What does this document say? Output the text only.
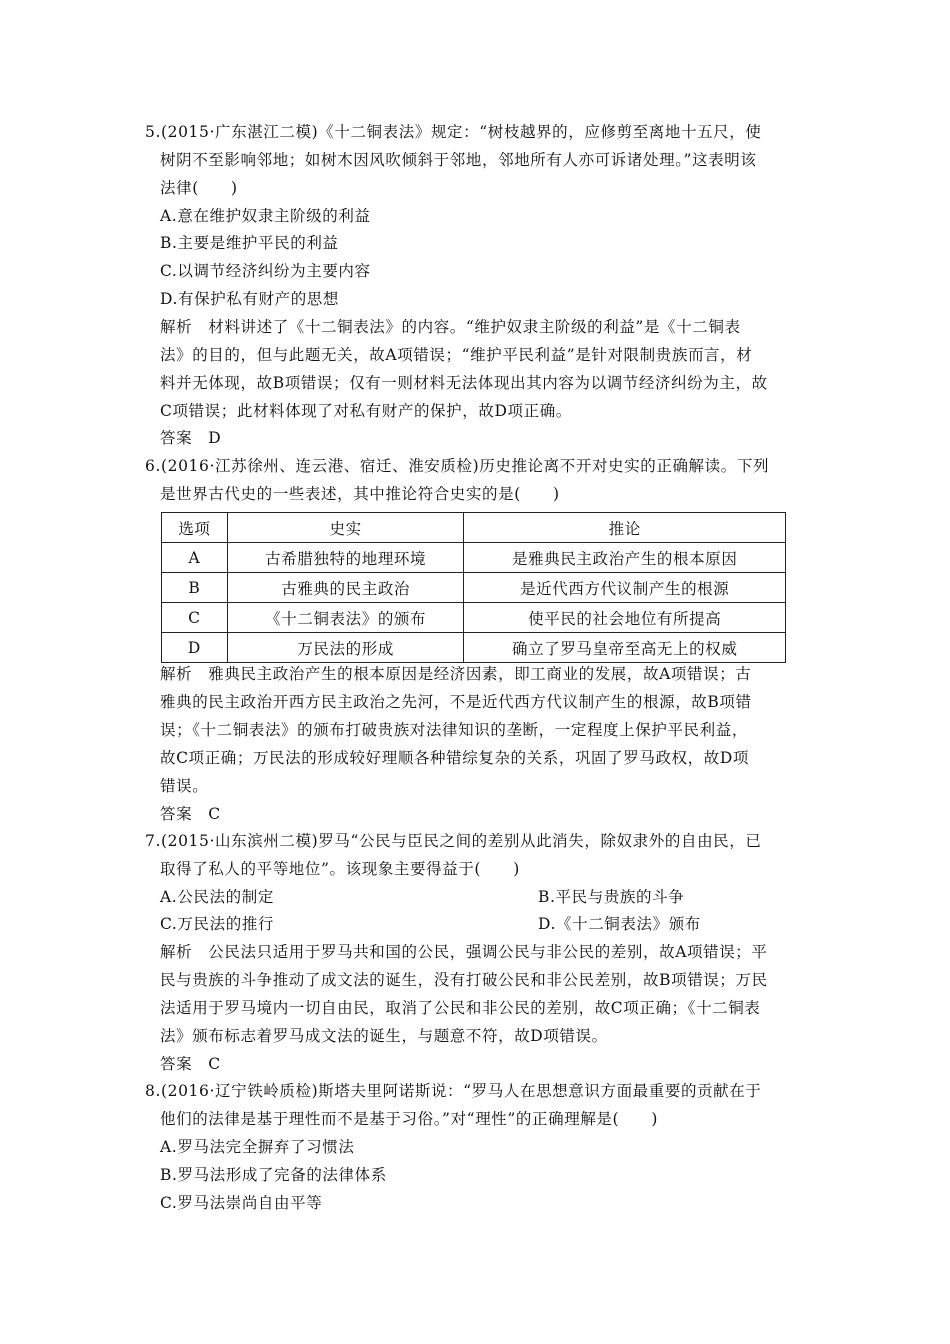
5.(2015·广东湛江二模)《十二铜表法》规定：“树枝越界的，应修剪至离地十五尺，使
树阴不至影响邻地；如树木因风吹倾斜于邻地，邻地所有人亦可诉诸处理。”这表明该
法律(　　)
A.意在维护奴隶主阶级的利益
B.主要是维护平民的利益
C.以调节经济纠纷为主要内容
D.有保护私有财产的思想
解析　材料讲述了《十二铜表法》的内容。“维护奴隶主阶级的利益”是《十二铜表
法》的目的，但与此题无关，故A项错误；“维护平民利益”是针对限制贵族而言，材
料并无体现，故B项错误；仅有一则材料无法体现出其内容为以调节经济纠纷为主，故
C项错误；此材料体现了对私有财产的保护，故D项正确。
答案　D
6.(2016·江苏徐州、连云港、宿迁、淮安质检)历史推论离不开对史实的正确解读。下列
是世界古代史的一些表述，其中推论符合史实的是(　　)
选项	史实	推论
A	古希腊独特的地理环境	是雅典民主政治产生的根本原因
B	古雅典的民主政治	是近代西方代议制产生的根源
C	《十二铜表法》的颁布	使平民的社会地位有所提高
D	万民法的形成	确立了罗马皇帝至高无上的权威
解析　雅典民主政治产生的根本原因是经济因素，即工商业的发展，故A项错误；古
雅典的民主政治开西方民主政治之先河，不是近代西方代议制产生的根源，故B项错
误；《十二铜表法》的颁布打破贵族对法律知识的垄断，一定程度上保护平民利益，
故C项正确；万民法的形成较好理顺各种错综复杂的关系，巩固了罗马政权，故D项
错误。
答案　C
7.(2015·山东滨州二模)罗马“公民与臣民之间的差别从此消失，除奴隶外的自由民，已
取得了私人的平等地位”。该现象主要得益于(　　)
A.公民法的制定	B.平民与贵族的斗争
C.万民法的推行	D.《十二铜表法》颁布
解析　公民法只适用于罗马共和国的公民，强调公民与非公民的差别，故A项错误；平
民与贵族的斗争推动了成文法的诞生，没有打破公民和非公民差别，故B项错误；万民
法适用于罗马境内一切自由民，取消了公民和非公民的差别，故C项正确；《十二铜表
法》颁布标志着罗马成文法的诞生，与题意不符，故D项错误。
答案　C
8.(2016·辽宁铁岭质检)斯塔夫里阿诺斯说：“罗马人在思想意识方面最重要的贡献在于
他们的法律是基于理性而不是基于习俗。”对“理性”的正确理解是(　　)
A.罗马法完全摒弃了习惯法
B.罗马法形成了完备的法律体系
C.罗马法崇尚自由平等
